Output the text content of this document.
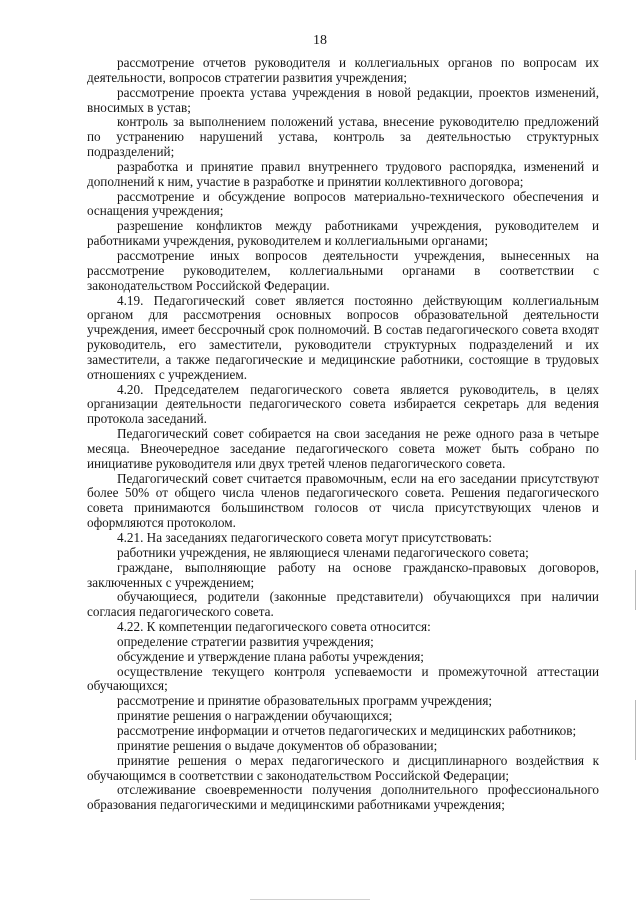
18

рассмотрение отчетов руководителя и коллегиальных органов по вопросам их деятельности, вопросов стратегии развития учреждения;

рассмотрение проекта устава учреждения в новой редакции, проектов изменений, вносимых в устав;

контроль за выполнением положений устава, внесение руководителю предложений по устранению нарушений устава, контроль за деятельностью структурных подразделений;

разработка и принятие правил внутреннего трудового распорядка, изменений и дополнений к ним, участие в разработке и принятии коллективного договора;

рассмотрение и обсуждение вопросов материально-технического обеспечения и оснащения учреждения;

разрешение конфликтов между работниками учреждения, руководителем и работниками учреждения, руководителем и коллегиальными органами;

рассмотрение иных вопросов деятельности учреждения, вынесенных на рассмотрение руководителем, коллегиальными органами в соответствии с законодательством Российской Федерации.

4.19. Педагогический совет является постоянно действующим коллегиальным органом для рассмотрения основных вопросов образовательной деятельности учреждения, имеет бессрочный срок полномочий. В состав педагогического совета входят руководитель, его заместители, руководители структурных подразделений и их заместители, а также педагогические и медицинские работники, состоящие в трудовых отношениях с учреждением.

4.20. Председателем педагогического совета является руководитель, в целях организации деятельности педагогического совета избирается секретарь для ведения протокола заседаний.

Педагогический совет собирается на свои заседания не реже одного раза в четыре месяца. Внеочередное заседание педагогического совета может быть собрано по инициативе руководителя или двух третей членов педагогического совета.

Педагогический совет считается правомочным, если на его заседании присутствуют более 50% от общего числа членов педагогического совета. Решения педагогического совета принимаются большинством голосов от числа присутствующих членов и оформляются протоколом.

4.21. На заседаниях педагогического совета могут присутствовать:

работники учреждения, не являющиеся членами педагогического совета;

граждане, выполняющие работу на основе гражданско-правовых договоров, заключенных с учреждением;

обучающиеся, родители (законные представители) обучающихся при наличии согласия педагогического совета.

4.22. К компетенции педагогического совета относится:

определение стратегии развития учреждения;

обсуждение и утверждение плана работы учреждения;

осуществление текущего контроля успеваемости и промежуточной аттестации обучающихся;

рассмотрение и принятие образовательных программ учреждения;

принятие решения о награждении обучающихся;

рассмотрение информации и отчетов педагогических и медицинских работников;

принятие решения о выдаче документов об образовании;

принятие решения о мерах педагогического и дисциплинарного воздействия к обучающимся в соответствии с законодательством Российской Федерации;

отслеживание своевременности получения дополнительного профессионального образования педагогическими и медицинскими работниками учреждения;
